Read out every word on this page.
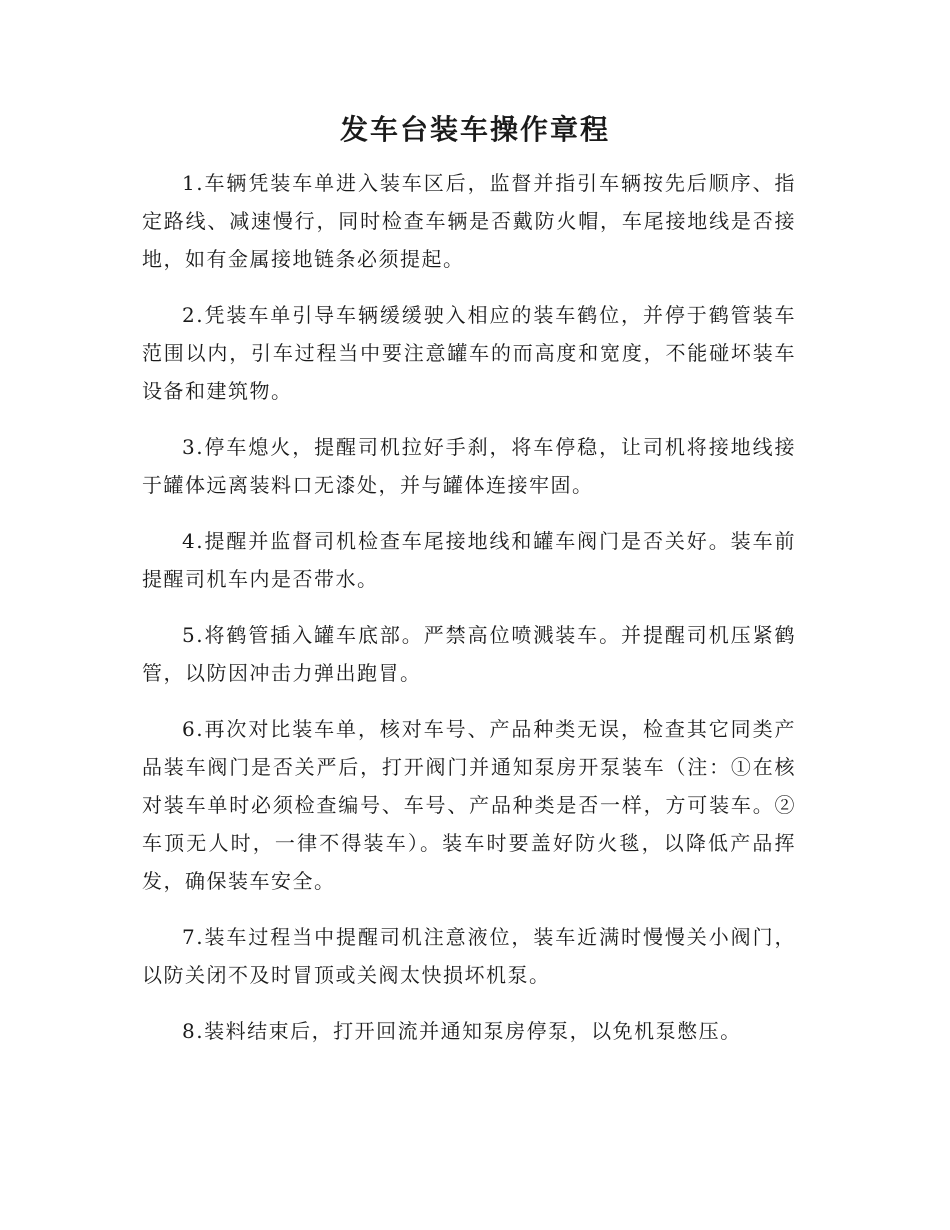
发车台装车操作章程

1.车辆凭装车单进入装车区后，监督并指引车辆按先后顺序、指定路线、减速慢行，同时检查车辆是否戴防火帽，车尾接地线是否接地，如有金属接地链条必须提起。

2.凭装车单引导车辆缓缓驶入相应的装车鹤位，并停于鹤管装车范围以内，引车过程当中要注意罐车的而高度和宽度，不能碰坏装车设备和建筑物。

3.停车熄火，提醒司机拉好手刹，将车停稳，让司机将接地线接于罐体远离装料口无漆处，并与罐体连接牢固。

4.提醒并监督司机检查车尾接地线和罐车阀门是否关好。装车前提醒司机车内是否带水。

5.将鹤管插入罐车底部。严禁高位喷溅装车。并提醒司机压紧鹤管，以防因冲击力弹出跑冒。

6.再次对比装车单，核对车号、产品种类无误，检查其它同类产品装车阀门是否关严后，打开阀门并通知泵房开泵装车（注：①在核对装车单时必须检查编号、车号、产品种类是否一样，方可装车。②车顶无人时，一律不得装车）。装车时要盖好防火毯，以降低产品挥发，确保装车安全。

7.装车过程当中提醒司机注意液位，装车近满时慢慢关小阀门，以防关闭不及时冒顶或关阀太快损坏机泵。

8.装料结束后，打开回流并通知泵房停泵，以免机泵憋压。
